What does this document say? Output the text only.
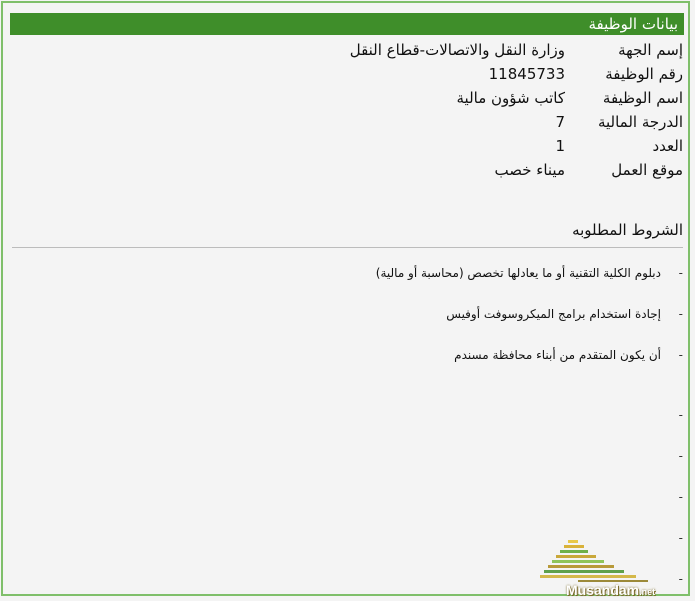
بيانات الوظيفة
إسم الجهة
وزارة النقل والاتصالات-قطاع النقل
رقم الوظيفة
11845733
اسم الوظيفة
كاتب شؤون مالية
الدرجة المالية
7
العدد
1
موقع العمل
ميناء خصب
الشروط المطلوبه
-
دبلوم الكلية التقنية أو ما يعادلها تخصص (محاسبة أو مالية)
-
إجادة استخدام برامج الميكروسوفت أوفيس
-
أن يكون المتقدم من أبناء محافظة مسندم
-
-
-
-
-
Musandam.net
